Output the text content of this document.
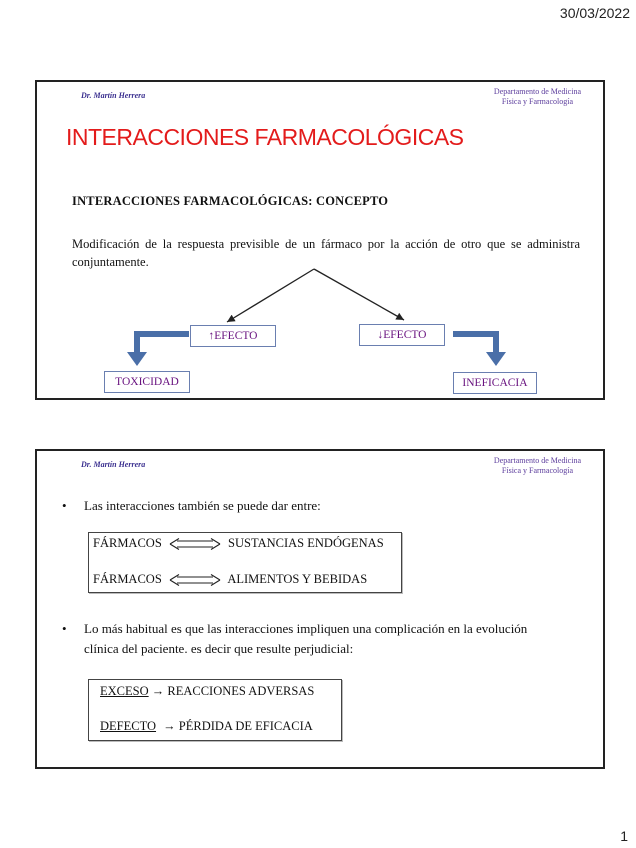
30/03/2022
Dr. Martín Herrera	Departamento de Medicina
Física y Farmacología
INTERACCIONES FARMACOLÓGICAS
INTERACCIONES FARMACOLÓGICAS: CONCEPTO
Modificación de la respuesta previsible de un fármaco por la acción de otro que se administra conjuntamente.
↑EFECTO	↓EFECTO
TOXICIDAD	INEFICACIA
Dr. Martín Herrera	Departamento de Medicina
Física y Farmacología
• Las interacciones también se puede dar entre:
FÁRMACOS	SUSTANCIAS ENDÓGENAS
FÁRMACOS	ALIMENTOS Y BEBIDAS
• Lo más habitual es que las interacciones impliquen una complicación en la evolución
clínica del paciente. es decir que resulte perjudicial:
EXCESO → REACCIONES ADVERSAS
DEFECTO → PÉRDIDA DE EFICACIA
1
